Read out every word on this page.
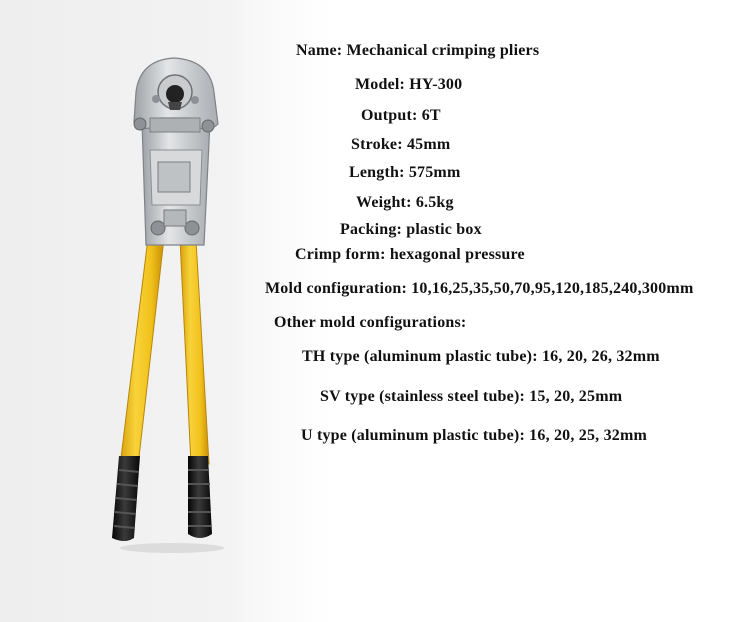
Name: Mechanical crimping pliers
Model: HY-300
Output: 6T
Stroke: 45mm
Length: 575mm
Weight: 6.5kg
Packing: plastic box
Crimp form: hexagonal pressure
Mold configuration: 10,16,25,35,50,70,95,120,185,240,300mm
Other mold configurations:
TH type (aluminum plastic tube): 16, 20, 26, 32mm
SV type (stainless steel tube): 15, 20, 25mm
U type (aluminum plastic tube): 16, 20, 25, 32mm
